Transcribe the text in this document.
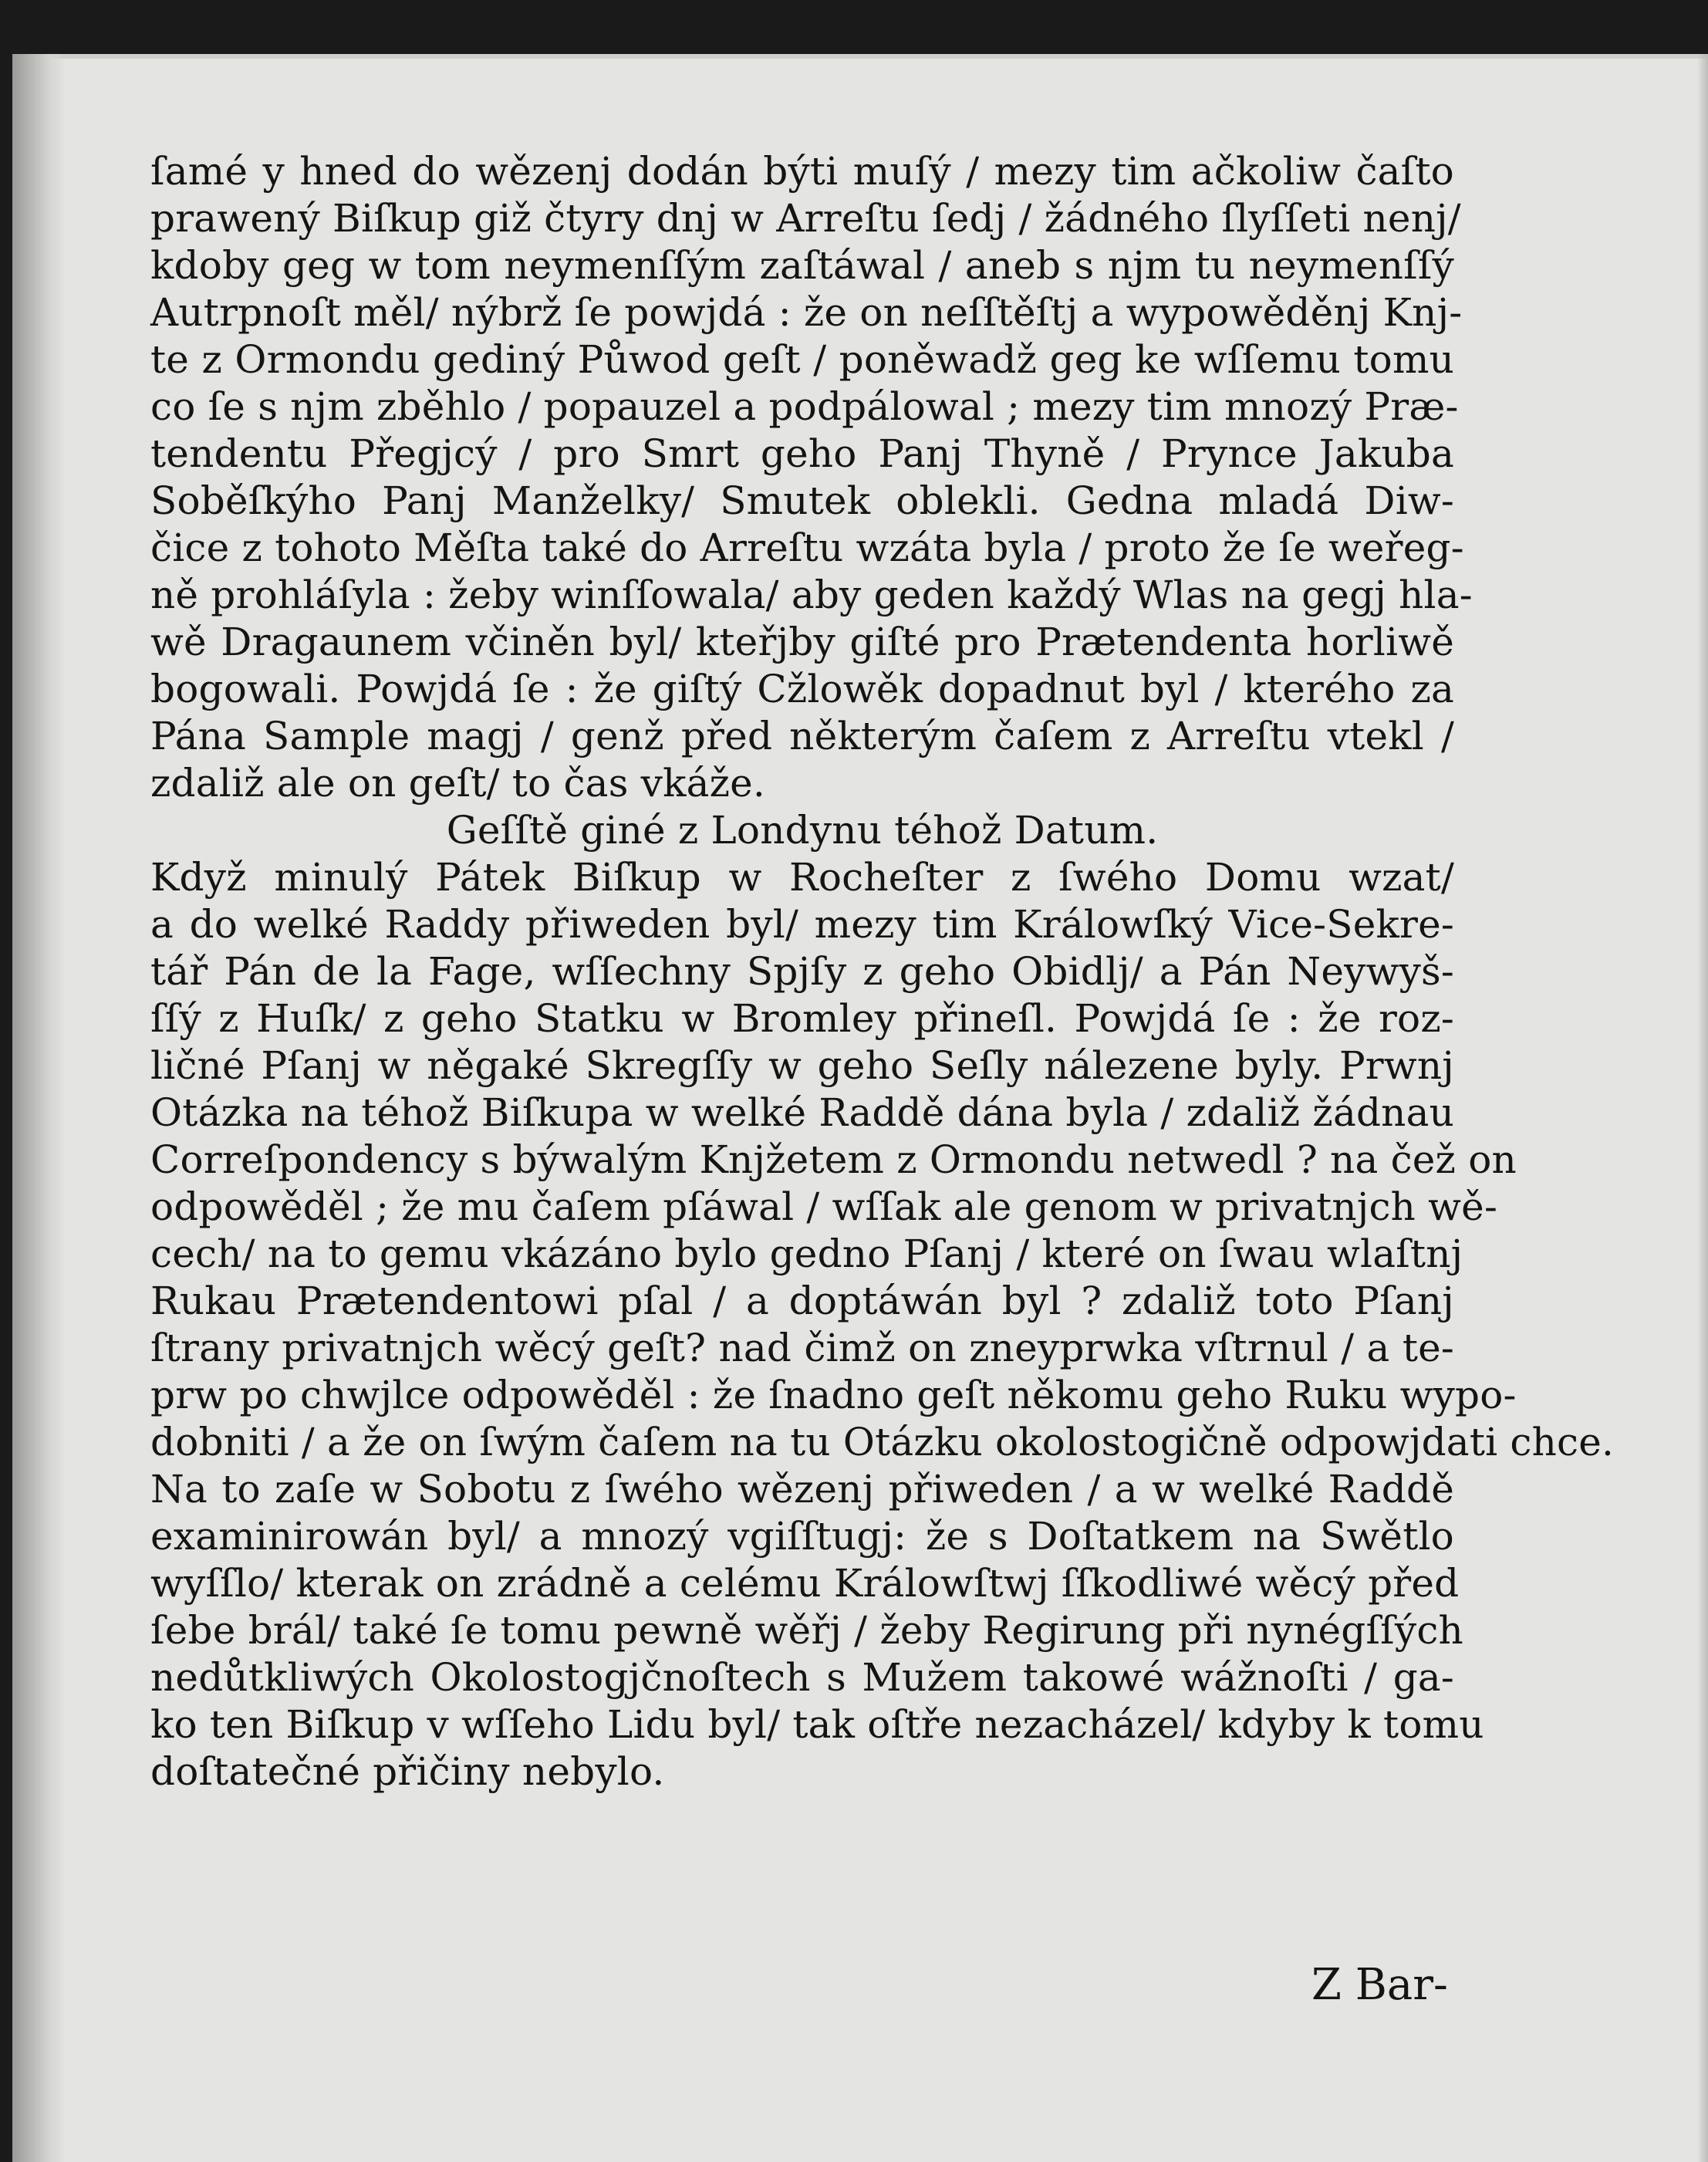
ſamé y hned do wězenj dodán býti muſý / mezy tim ačkoliw čaſto
prawený Biſkup giž čtyry dnj w Arreſtu ſedj / žádného ſlyſſeti nenj/
kdoby geg w tom neymenſſým zaſtáwal / aneb s njm tu neymenſſý
Autrpnoſt měl/ nýbrž ſe powjdá : že on neſſtěſtj a wypowěděnj Knj-
te z Ormondu gediný Půwod geſt / poněwadž geg ke wſſemu tomu
co ſe s njm zběhlo / popauzel a podpálowal ; mezy tim mnozý Præ-
tendentu Přegjcý / pro Smrt geho Panj Thyně / Prynce Jakuba
Soběſkýho Panj Manželky/ Smutek oblekli. Gedna mladá Diw-
čice z tohoto Měſta také do Arreſtu wzáta byla / proto že ſe weřeg-
ně prohláſyla : žeby winſſowala/ aby geden každý Wlas na gegj hla-
wě Dragaunem včiněn byl/ kteřjby giſté pro Prætendenta horliwě
bogowali. Powjdá ſe : že giſtý Cžlowěk dopadnut byl / kterého za
Pána Sample magj / genž před některým čaſem z Arreſtu vtekl /
zdaliž ale on geſt/ to čas vkáže.
Geſſtě giné z Londynu téhož Datum.
Když minulý Pátek Biſkup w Rocheſter z ſwého Domu wzat/
a do welké Raddy přiweden byl/ mezy tim Králowſký Vice-Sekre-
tář Pán de la Fage, wſſechny Spjſy z geho Obidlj/ a Pán Neywyš-
ſſý z Huſk/ z geho Statku w Bromley přineſl. Powjdá ſe : že roz-
ličné Pſanj w něgaké Skregſſy w geho Seſly nálezene byly. Prwnj
Otázka na téhož Biſkupa w welké Raddě dána byla / zdaliž žádnau
Correſpondency s býwalým Knjžetem z Ormondu netwedl ? na čež on
odpowěděl ; že mu čaſem pſáwal / wſſak ale genom w privatnjch wě-
cech/ na to gemu vkázáno bylo gedno Pſanj / které on ſwau wlaſtnj
Rukau Prætendentowi pſal / a doptáwán byl ? zdaliž toto Pſanj
ſtrany privatnjch wěcý geſt? nad čimž on zneyprwka vſtrnul / a te-
prw po chwjlce odpowěděl : že ſnadno geſt někomu geho Ruku wypo-
dobniti / a že on ſwým čaſem na tu Otázku okolostogičně odpowjdati chce.
Na to zaſe w Sobotu z ſwého wězenj přiweden / a w welké Raddě
examinirowán byl/ a mnozý vgiſſtugj: že s Doſtatkem na Swětlo
wyſſlo/ kterak on zrádně a celému Králowſtwj ſſkodliwé wěcý před
ſebe brál/ také ſe tomu pewně wěřj / žeby Regirung při nynégſſých
nedůtkliwých Okolostogjčnoſtech s Mužem takowé wážnoſti / ga-
ko ten Biſkup v wſſeho Lidu byl/ tak oſtře nezacházel/ kdyby k tomu
doſtatečné přičiny nebylo.
Z Bar-
